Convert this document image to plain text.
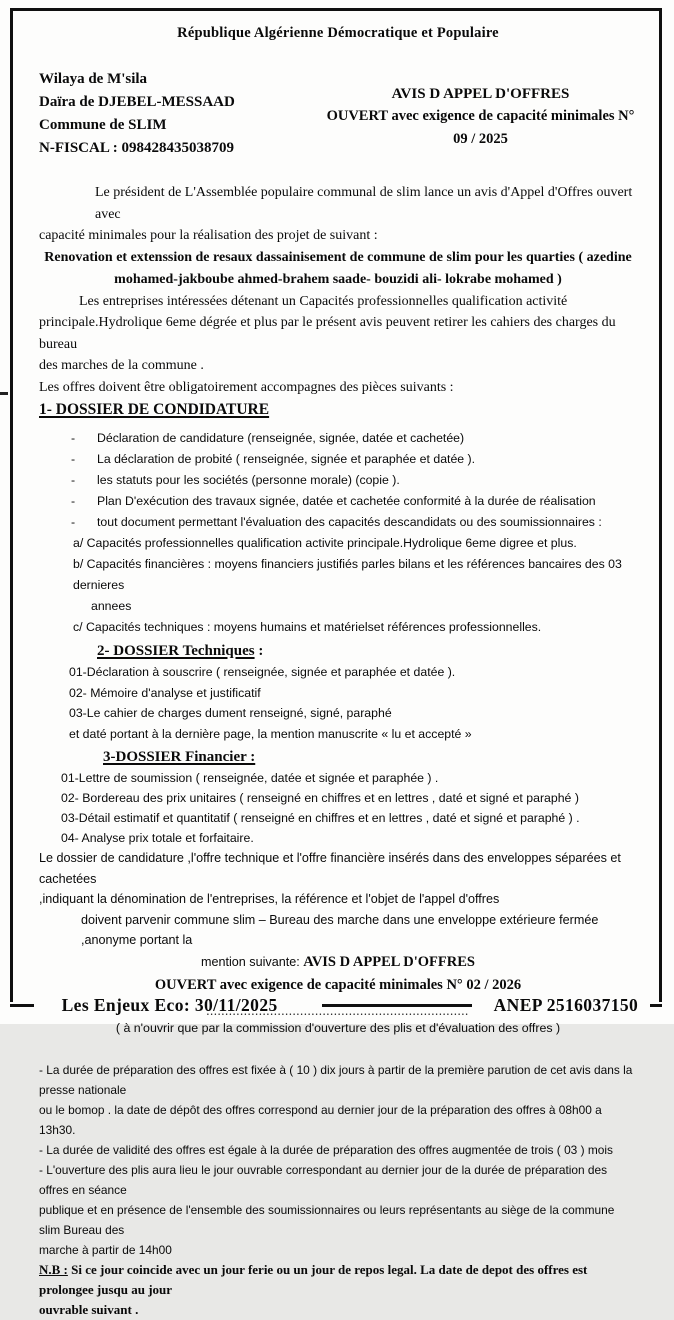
République Algérienne Démocratique et Populaire
Wilaya de M'sila
Daïra de DJEBEL-MESSAAD
Commune de SLIM
N-FISCAL : 098428435038709
AVIS D APPEL D'OFFRES
OUVERT avec exigence de capacité minimales N° 09 / 2025
Le président de L'Assemblée populaire communal de slim lance un avis d'Appel d'Offres ouvert avec
capacité minimales pour la réalisation des projet de suivant :
Renovation et extenssion de resaux dassainisement de commune de slim pour les quarties ( azedine
mohamed-jakboube ahmed-brahem saade- bouzidi ali- lokrabe mohamed )
Les entreprises intéressées détenant un Capacités professionnelles qualification activité
principale.Hydrolique 6eme dégrée et plus par le présent avis peuvent retirer les cahiers des charges du bureau
des marches de la commune .
Les offres doivent être obligatoirement accompagnes des pièces suivants :
1- DOSSIER DE CONDIDATURE
-	Déclaration de candidature (renseignée, signée, datée et cachetée)
-	La déclaration de probité ( renseignée, signée et paraphée et datée ).
-	les statuts pour les sociétés (personne morale) (copie ).
-	Plan D'exécution des travaux signée, datée et cachetée conformité à la durée de réalisation
-	tout document permettant l'évaluation des capacités descandidats ou des soumissionnaires :
a/ Capacités professionnelles qualification activite principale.Hydrolique 6eme digree et plus.
b/ Capacités financières : moyens financiers justifiés parles bilans et les références bancaires des 03 dernieres
annees
c/ Capacités techniques : moyens humains et matérielset références professionnelles.
2- DOSSIER Techniques :
01-Déclaration à souscrire ( renseignée, signée et paraphée et datée ).
02- Mémoire d'analyse et justificatif
03-Le cahier de charges dument renseigné, signé, paraphé
et daté portant à la dernière page, la mention manuscrite « lu et accepté »
3-DOSSIER Financier :
01-Lettre de soumission ( renseignée, datée et signée et paraphée ) .
02- Bordereau des prix unitaires ( renseigné en chiffres et en lettres , daté et signé et paraphé )
03-Détail estimatif et quantitatif ( renseigné en chiffres et en lettres , daté et signé et paraphé ) .
04- Analyse prix totale et forfaitaire.
Le dossier de candidature ,l'offre technique et l'offre financière insérés dans des enveloppes séparées et cachetées
,indiquant la dénomination de l'entreprises, la référence et l'objet de l'appel d'offres
doivent parvenir commune slim – Bureau des marche dans une enveloppe extérieure fermée ,anonyme portant la
mention suivante: AVIS D APPEL D'OFFRES
OUVERT avec exigence de capacité minimales N° 02 / 2026
......................................................................
( à n'ouvrir que par la commission d'ouverture des plis et d'évaluation des offres )
- La durée de préparation des offres est fixée à ( 10 ) dix jours à partir de la première parution de cet avis dans la presse nationale
ou le bomop . la date de dépôt des offres correspond au dernier jour de la préparation des offres à 08h00 a 13h30.
- La durée de validité des offres est égale à la durée de préparation des offres augmentée de trois ( 03 ) mois
- L'ouverture des plis aura lieu le jour ouvrable correspondant au dernier jour de la durée de préparation des offres en séance
publique et en présence de l'ensemble des soumissionnaires ou leurs représentants au siège de la commune slim Bureau des
marche à partir de 14h00
N.B : Si ce jour coincide avec un jour ferie ou un jour de repos legal. La date de depot des offres est prolongee jusqu au jour
ouvrable suivant .
Les Enjeux Eco: 30/11/2025	ANEP 2516037150
